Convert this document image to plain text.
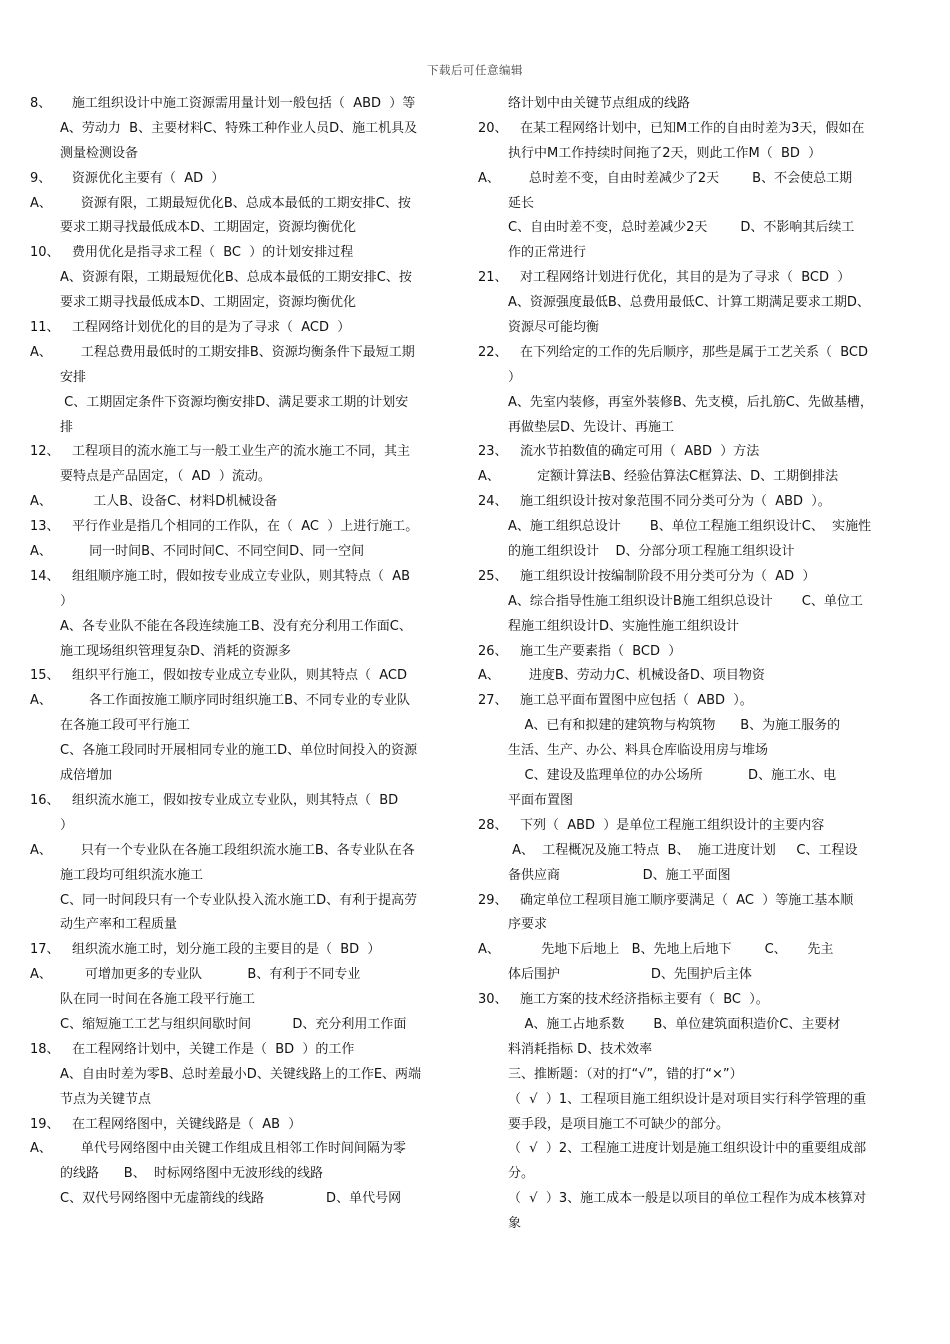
下载后可任意编辑
8、     施工组织设计中施工资源需用量计划一般包括（  ABD  ）等
A、劳动力  B、主要材料C、特殊工种作业人员D、施工机具及
测量检测设备
9、     资源优化主要有（  AD  ）
A、       资源有限，工期最短优化B、总成本最低的工期安排C、按
要求工期寻找最低成本D、工期固定，资源均衡优化
10、   费用优化是指寻求工程（  BC  ）的计划安排过程
A、资源有限，工期最短优化B、总成本最低的工期安排C、按
要求工期寻找最低成本D、工期固定，资源均衡优化
11、   工程网络计划优化的目的是为了寻求（  ACD  ）
A、       工程总费用最低时的工期安排B、资源均衡条件下最短工期
安排
C、工期固定条件下资源均衡安排D、满足要求工期的计划安
排
12、   工程项目的流水施工与一般工业生产的流水施工不同，其主
要特点是产品固定，（  AD  ）流动。
A、          工人B、设备C、材料D机械设备
13、   平行作业是指几个相同的工作队，在（  AC  ）上进行施工。
A、         同一时间B、不同时间C、不同空间D、同一空间
14、   组组顺序施工时，假如按专业成立专业队，则其特点（  AB
）
A、各专业队不能在各段连续施工B、没有充分利用工作面C、
施工现场组织管理复杂D、消耗的资源多
15、   组织平行施工，假如按专业成立专业队，则其特点（  ACD
A、         各工作面按施工顺序同时组织施工B、不同专业的专业队
在各施工段可平行施工
C、各施工段同时开展相同专业的施工D、单位时间投入的资源
成倍增加
16、   组织流水施工，假如按专业成立专业队，则其特点（  BD
）
A、       只有一个专业队在各施工段组织流水施工B、各专业队在各
施工段均可组织流水施工
C、同一时间段只有一个专业队投入流水施工D、有利于提高劳
动生产率和工程质量
17、   组织流水施工时，划分施工段的主要目的是（  BD  ）
A、        可增加更多的专业队           B、有利于不同专业
队在同一时间在各施工段平行施工
C、缩短施工工艺与组织间歇时间          D、充分利用工作面
18、   在工程网络计划中，关键工作是（  BD  ）的工作
A、自由时差为零B、总时差最小D、关键线路上的工作E、两端
节点为关键节点
19、   在工程网络图中，关键线路是（  AB  ）
A、       单代号网络图中由关键工作组成且相邻工作时间间隔为零
的线路      B、  时标网络图中无波形线的线路
C、双代号网络图中无虚箭线的线路               D、单代号网
络计划中由关键节点组成的线路
20、   在某工程网络计划中，已知M工作的自由时差为3天，假如在
执行中M工作持续时间拖了2天，则此工作M（  BD  ）
A、       总时差不变，自由时差减少了2天        B、不会使总工期
延长
C、自由时差不变，总时差减少2天        D、不影响其后续工
作的正常进行
21、   对工程网络计划进行优化，其目的是为了寻求（  BCD  ）
A、资源强度最低B、总费用最低C、计算工期满足要求工期D、
资源尽可能均衡
22、   在下列给定的工作的先后顺序，那些是属于工艺关系（  BCD
）
A、先室内装修，再室外装修B、先支模，后扎筋C、先做基槽，
再做垫层D、先设计、再施工
23、   流水节拍数值的确定可用（  ABD  ）方法
A、         定额计算法B、经验估算法C框算法、D、工期倒排法
24、   施工组织设计按对象范围不同分类可分为（  ABD  ）。
A、施工组织总设计       B、单位工程施工组织设计C、  实施性
的施工组织设计    D、分部分项工程施工组织设计
25、   施工组织设计按编制阶段不用分类可分为（  AD  ）
A、综合指导性施工组织设计B施工组织总设计       C、单位工
程施工组织设计D、实施性施工组织设计
26、   施工生产要素指（  BCD  ）
A、       进度B、劳动力C、机械设备D、项目物资
27、   施工总平面布置图中应包括（  ABD  ）。
A、已有和拟建的建筑物与构筑物      B、为施工服务的
生活、生产、办公、料具仓库临设用房与堆场
C、建设及监理单位的办公场所           D、施工水、电
平面布置图
28、   下列（  ABD  ）是单位工程施工组织设计的主要内容
A、  工程概况及施工特点  B、  施工进度计划     C、工程设
备供应商                    D、施工平面图
29、   确定单位工程项目施工顺序要满足（  AC  ）等施工基本顺
序要求
A、          先地下后地上   B、先地上后地下        C、     先主
体后围护                      D、先围护后主体
30、   施工方案的技术经济指标主要有（  BC  ）。
A、施工占地系数       B、单位建筑面积造价C、主要材
料消耗指标 D、技术效率
三、推断题：（对的打“√”，错的打“×”）
（  √  ）1、工程项目施工组织设计是对项目实行科学管理的重
要手段，是项目施工不可缺少的部分。
（  √  ）2、工程施工进度计划是施工组织设计中的重要组成部
分。
（  √  ）3、施工成本一般是以项目的单位工程作为成本核算对
象
